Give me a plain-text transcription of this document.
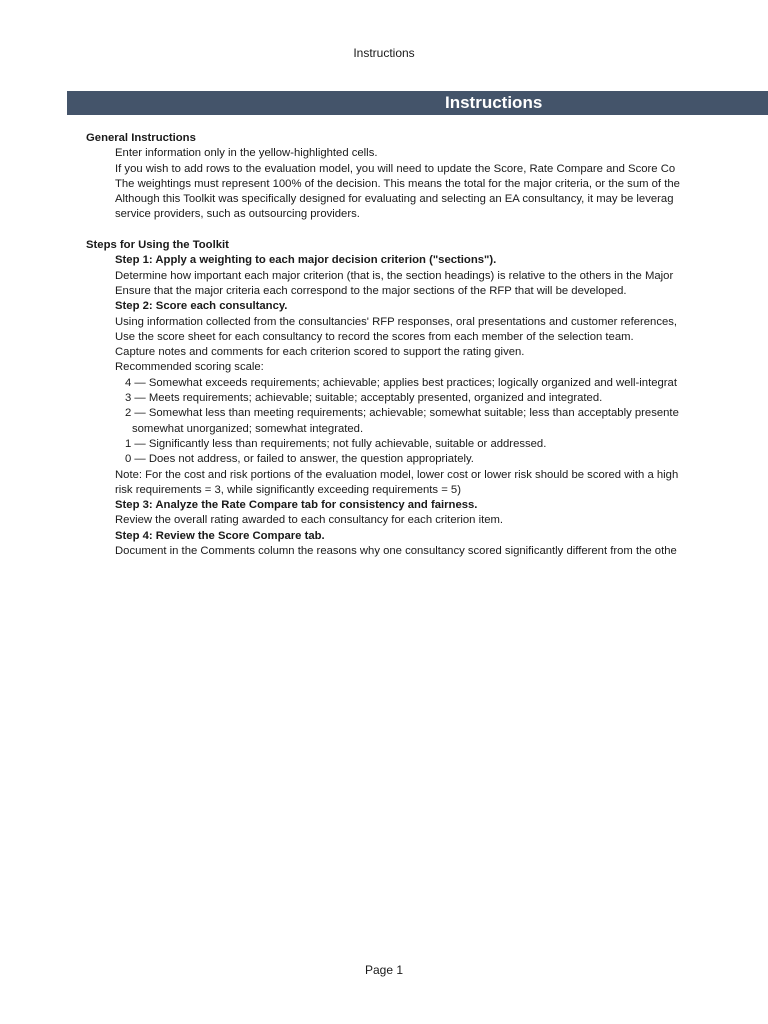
Instructions
Instructions
General Instructions
Enter information only in the yellow-highlighted cells.
If you wish to add rows to the evaluation model, you will need to update the Score, Rate Compare and Score Co
The weightings must represent 100% of the decision. This means the total for the major criteria, or the sum of the
Although this Toolkit was specifically designed for evaluating and selecting an EA consultancy, it may be leverag
service providers, such as outsourcing providers.
Steps for Using the Toolkit
Step 1: Apply a weighting to each major decision criterion ("sections").
Determine how important each major criterion (that is, the section headings) is relative to the others in the Major
Ensure that the major criteria each correspond to the major sections of the RFP that will be developed.
Step 2: Score each consultancy.
Using information collected from the consultancies' RFP responses, oral presentations and customer references,
Use the score sheet for each consultancy to record the scores from each member of the selection team.
Capture notes and comments for each criterion scored to support the rating given.
Recommended scoring scale:
4 — Somewhat exceeds requirements; achievable; applies best practices; logically organized and well-integrat
3 — Meets requirements; achievable; suitable; acceptably presented, organized and integrated.
2 — Somewhat less than meeting requirements; achievable; somewhat suitable; less than acceptably presente
somewhat unorganized; somewhat integrated.
1 — Significantly less than requirements; not fully achievable, suitable or addressed.
0 — Does not address, or failed to answer, the question appropriately.
Note: For the cost and risk portions of the evaluation model, lower cost or lower risk should be scored with a high
risk requirements = 3, while significantly exceeding requirements = 5)
Step 3: Analyze the Rate Compare tab for consistency and fairness.
Review the overall rating awarded to each consultancy for each criterion item.
Step 4: Review the Score Compare tab.
Document in the Comments column the reasons why one consultancy scored significantly different from the othe
Page 1
